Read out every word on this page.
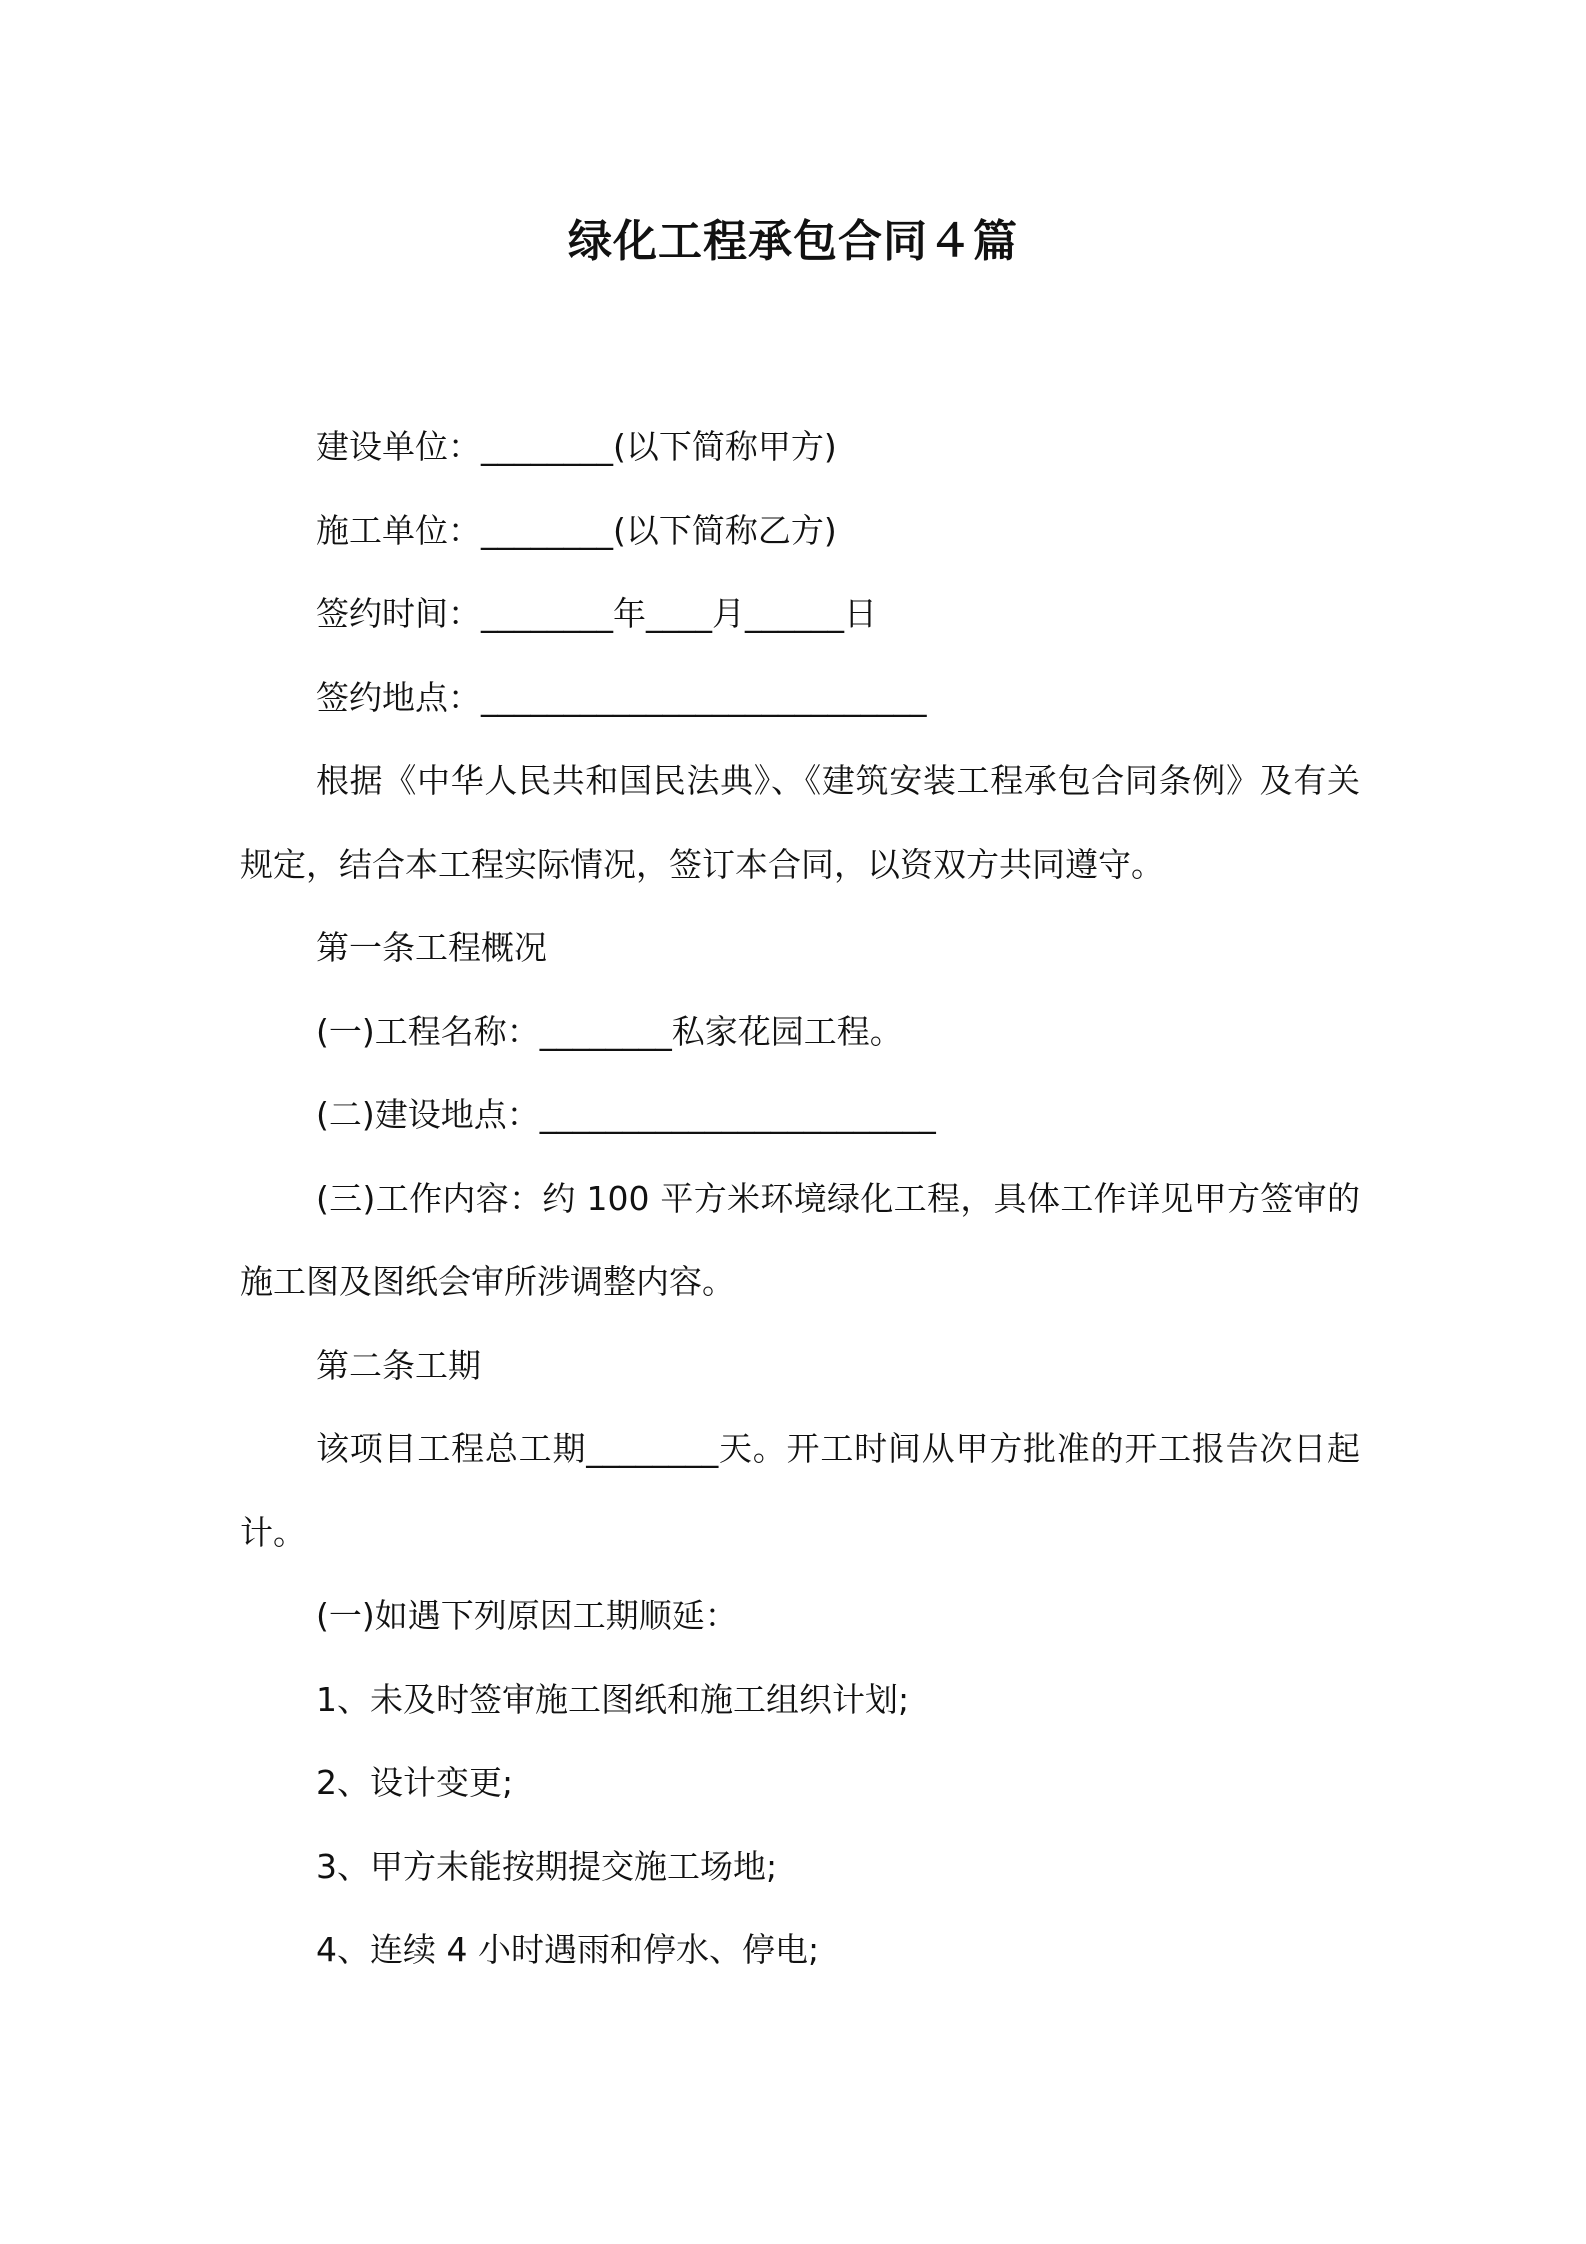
绿化工程承包合同４篇

建设单位：________(以下简称甲方)

施工单位：________(以下简称乙方)

签约时间：________年____月______日

签约地点：___________________________

根据《中华人民共和国民法典》、《建筑安装工程承包合同条例》及有关规定，结合本工程实际情况，签订本合同，以资双方共同遵守。

第一条工程概况

(一)工程名称：________私家花园工程。

(二)建设地点：________________________

(三)工作内容：约 100 平方米环境绿化工程，具体工作详见甲方签审的施工图及图纸会审所涉调整内容。

第二条工期

该项目工程总工期________天。开工时间从甲方批准的开工报告次日起计。

(一)如遇下列原因工期顺延：

1、未及时签审施工图纸和施工组织计划;

2、设计变更;

3、甲方未能按期提交施工场地;

4、连续 4 小时遇雨和停水、停电;
